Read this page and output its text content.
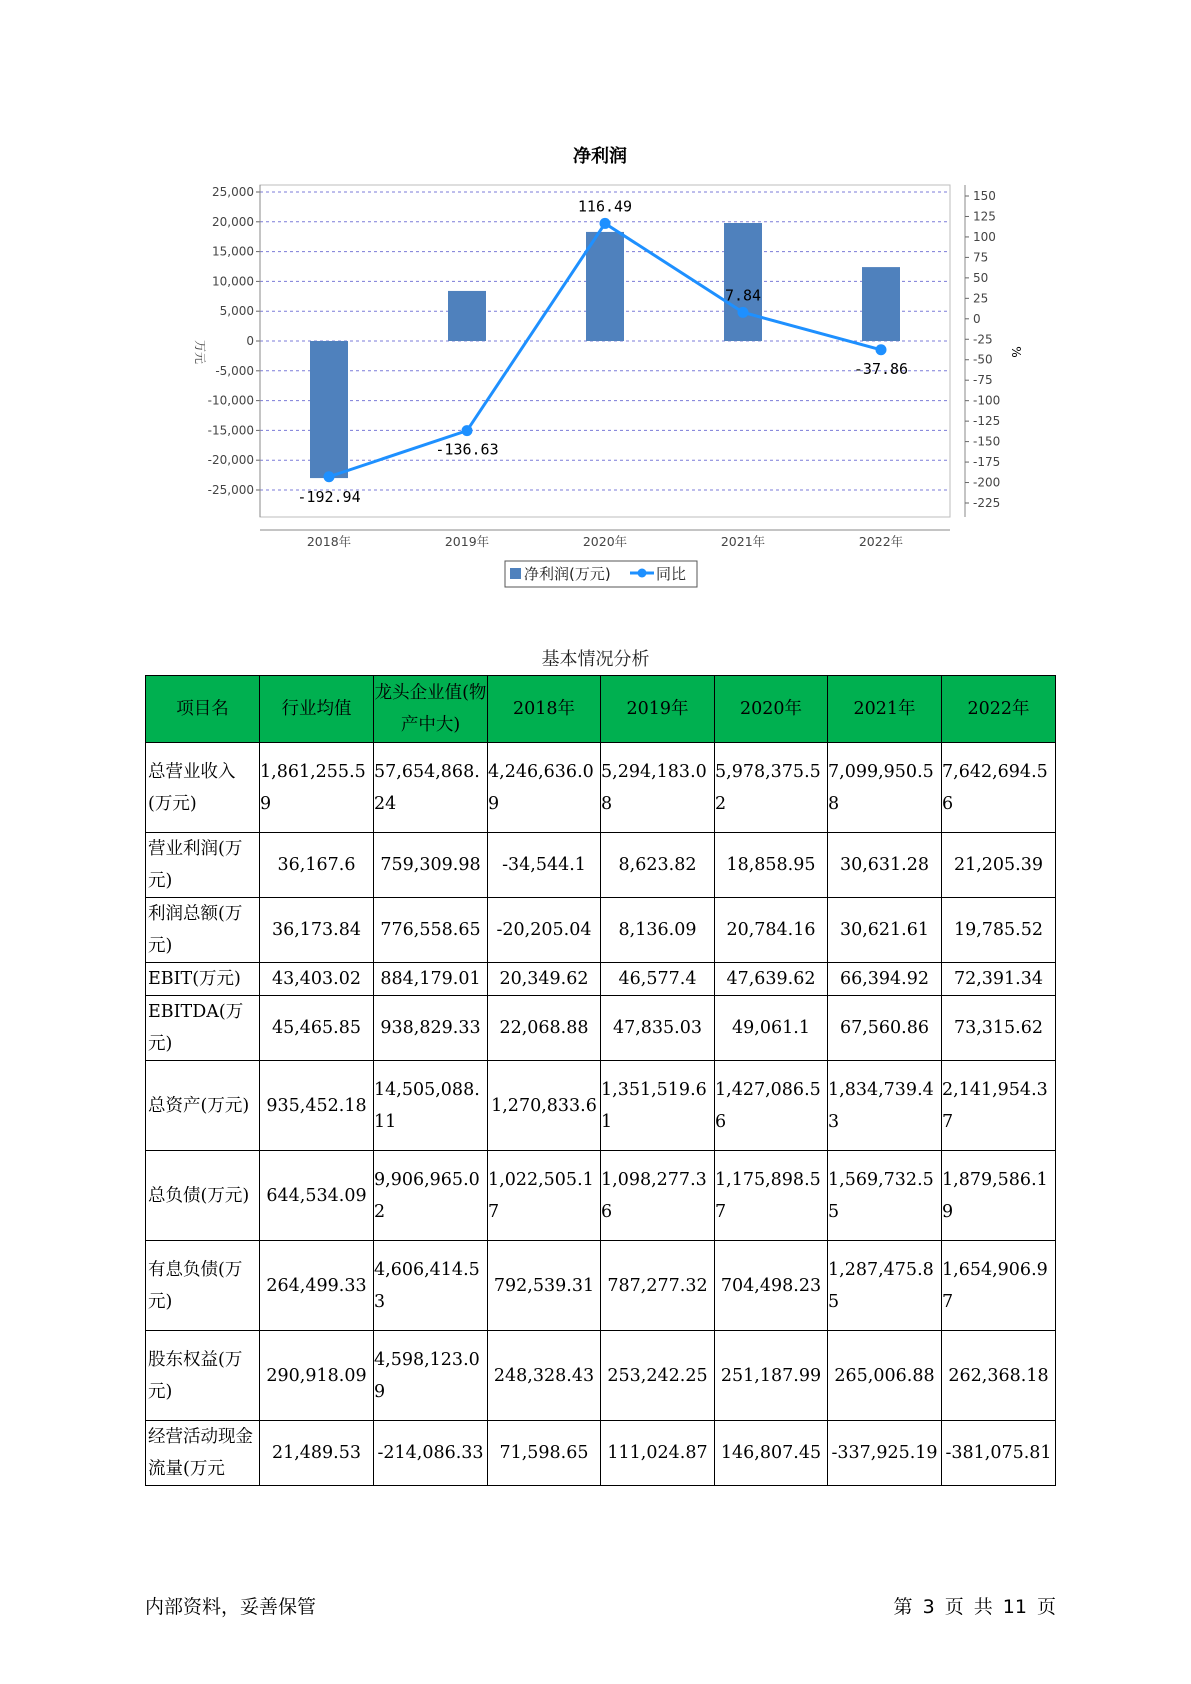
净利润
25,000
20,000
15,000
10,000
5,000
0
-5,000
-10,000
-15,000
-20,000
-25,000
万元
150
125
100
75
50
25
0
-25
-50
-75
-100
-125
-150
-175
-200
-225
%
2018年	2019年	2020年	2021年	2022年
-192.94
-136.63
116.49
7.84
-37.86
净利润(万元)	同比
基本情况分析
项目名	行业均值	龙头企业值(物产中大)	2018年	2019年	2020年	2021年	2022年
总营业收入(万元)	1,861,255.59	57,654,868.24	4,246,636.09	5,294,183.08	5,978,375.52	7,099,950.58	7,642,694.56
营业利润(万元)	36,167.6	759,309.98	-34,544.1	8,623.82	18,858.95	30,631.28	21,205.39
利润总额(万元)	36,173.84	776,558.65	-20,205.04	8,136.09	20,784.16	30,621.61	19,785.52
EBIT(万元)	43,403.02	884,179.01	20,349.62	46,577.4	47,639.62	66,394.92	72,391.34
EBITDA(万元)	45,465.85	938,829.33	22,068.88	47,835.03	49,061.1	67,560.86	73,315.62
总资产(万元)	935,452.18	14,505,088.11	1,270,833.6	1,351,519.61	1,427,086.56	1,834,739.43	2,141,954.37
总负债(万元)	644,534.09	9,906,965.02	1,022,505.17	1,098,277.36	1,175,898.57	1,569,732.55	1,879,586.19
有息负债(万元)	264,499.33	4,606,414.53	792,539.31	787,277.32	704,498.23	1,287,475.85	1,654,906.97
股东权益(万元)	290,918.09	4,598,123.09	248,328.43	253,242.25	251,187.99	265,006.88	262,368.18
经营活动现金流量(万元	21,489.53	-214,086.33	71,598.65	111,024.87	146,807.45	-337,925.19	-381,075.81
内部资料，妥善保管	第 3 页 共 11 页
